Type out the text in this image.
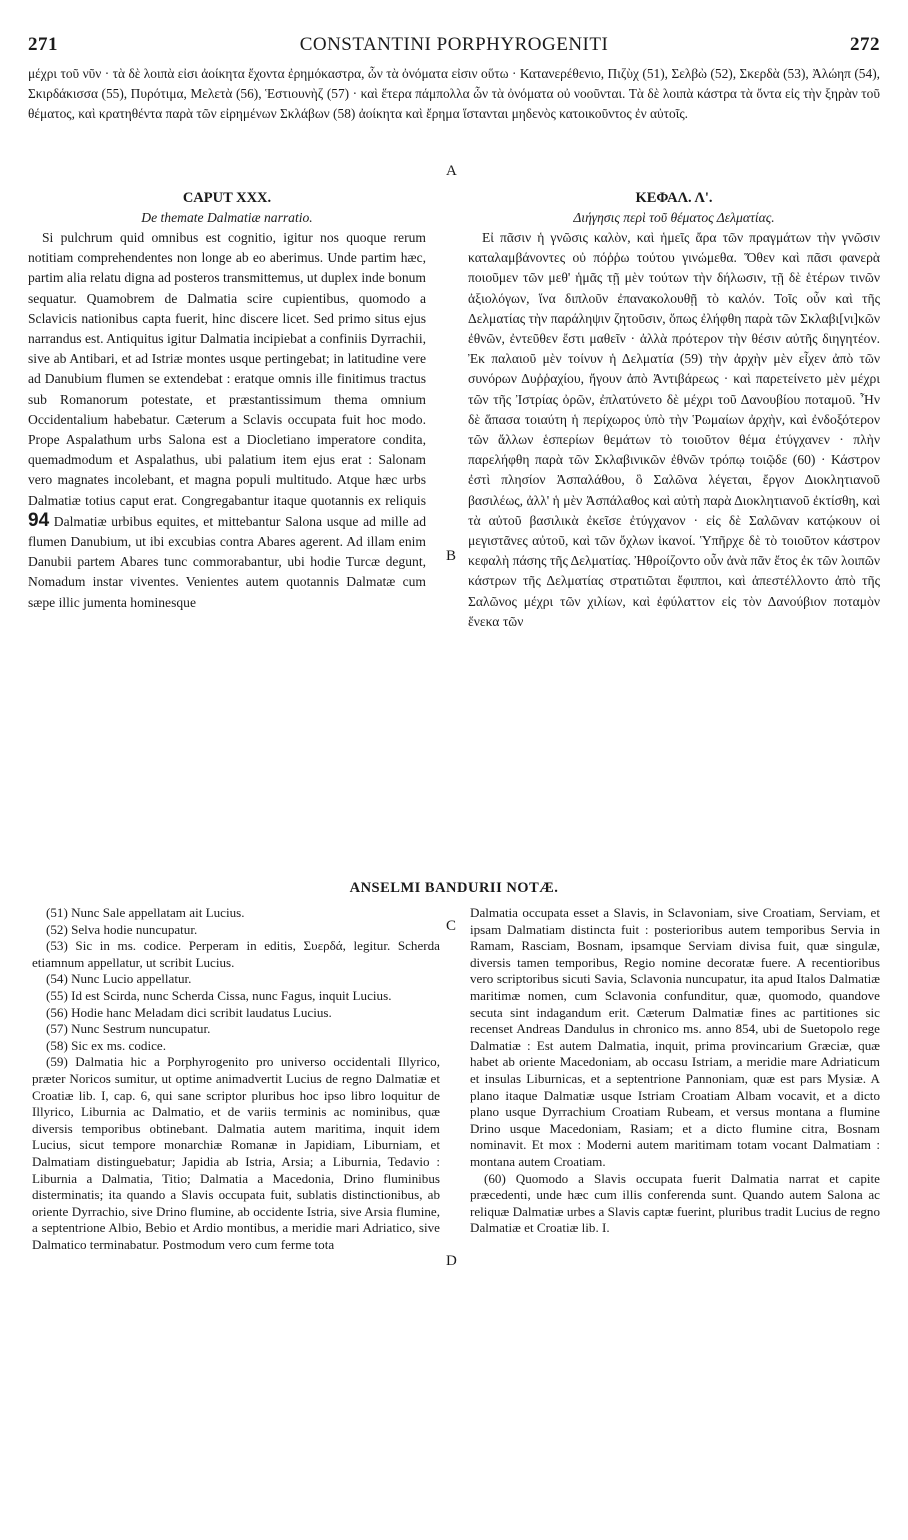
271	CONSTANTINI PORPHYROGENITI	272

μέχρι τοῦ νῦν · τὰ δὲ λοιπὰ εἰσι ἀοίκητα ἔχοντα ἐρημόκαστρα, ὧν τὰ ὀνόματα εἰσιν οὕτω · Κατανερέθενιο, Πιζὺχ (51), Σελβὼ (52), Σκερδὰ (53), Ἀλώηπ (54), Σκιρδάκισσα (55), Πυρότιμα, Μελετὰ (56), Ἑστιουνὴζ (57) · καὶ ἕτερα πάμπολλα ὧν τὰ ὀνόματα οὐ νοοῦνται. Τὰ δὲ λοιπὰ κάστρα τὰ ὄντα εἰς τὴν ξηρὰν τοῦ θέματος, καὶ κρατηθέντα παρὰ τῶν εἰρημένων Σκλάβων (58) ἀοίκητα καὶ ἔρημα ἵστανται μηδενὸς κατοικοῦντος ἐν αὐτοῖς.

A
B
C
D

CAPUT XXX.

De themate Dalmatiæ narratio.

Si pulchrum quid omnibus est cognitio, igitur nos quoque rerum notitiam comprehendentes non longe ab eo aberimus. Unde partim hæc, partim alia relatu digna ad posteros transmittemus, ut duplex inde bonum sequatur. Quamobrem de Dalmatia scire cupientibus, quomodo a Sclavicis nationibus capta fuerit, hinc discere licet. Sed primo situs ejus narrandus est. Antiquitus igitur Dalmatia incipiebat a confiniis Dyrrachii, sive ab Antibari, et ad Istriæ montes usque pertingebat; in latitudine vere ad Danubium flumen se extendebat : eratque omnis ille finitimus tractus sub Romanorum potestate, et præstantissimum thema omnium Occidentalium habebatur. Cæterum a Sclavis occupata fuit hoc modo. Prope Aspalathum urbs Salona est a Diocletiano imperatore condita, quemadmodum et Aspalathus, ubi palatium item ejus erat : Salonam vero magnates incolebant, et magna populi multitudo. Atque hæc urbs Dalmatiæ totius caput erat. Congregabantur itaque quotannis ex reliquis 94 Dalmatiæ urbibus equites, et mittebantur Salona usque ad mille ad flumen Danubium, ut ibi excubias contra Abares agerent. Ad illam enim Danubii partem Abares tunc commorabantur, ubi hodie Turcæ degunt, Nomadum instar viventes. Venientes autem quotannis Dalmatæ cum sæpe illic jumenta hominesque

ΚΕΦΑΛ. Λ'.

Διήγησις περὶ τοῦ θέματος Δελματίας.

Εἰ πᾶσιν ἡ γνῶσις καλὸν, καὶ ἡμεῖς ἄρα τῶν πραγμάτων τὴν γνῶσιν καταλαμβάνοντες οὐ πόῤῥω τούτου γινώμεθα. Ὅθεν καὶ πᾶσι φανερὰ ποιοῦμεν τῶν μεθ' ἡμᾶς τῇ μὲν τούτων τὴν δήλωσιν, τῇ δὲ ἑτέρων τινῶν ἀξιολόγων, ἵνα διπλοῦν ἐπανακολουθῇ τὸ καλόν. Τοῖς οὖν καὶ τῆς Δελματίας τὴν παράληψιν ζητοῦσιν, ὅπως ἐλήφθη παρὰ τῶν Σκλαβι[νι]κῶν ἐθνῶν, ἐντεῦθεν ἔστι μαθεῖν · ἀλλὰ πρότερον τὴν θέσιν αὐτῆς διηγητέον. Ἐκ παλαιοῦ μὲν τοίνυν ἡ Δελματία (59) τὴν ἀρχὴν μὲν εἶχεν ἀπὸ τῶν συνόρων Δυῤῥαχίου, ἤγουν ἀπὸ Ἀντιβάρεως · καὶ παρετείνετο μὲν μέχρι τῶν τῆς Ἰστρίας ὀρῶν, ἐπλατύνετο δὲ μέχρι τοῦ Δανουβίου ποταμοῦ. Ἦν δὲ ἅπασα τοιαύτη ἡ περίχωρος ὑπὸ τὴν Ῥωμαίων ἀρχὴν, καὶ ἐνδοξότερον τῶν ἄλλων ἑσπερίων θεμάτων τὸ τοιοῦτον θέμα ἐτύγχανεν · πλὴν παρελήφθη παρὰ τῶν Σκλαβινικῶν ἐθνῶν τρόπῳ τοιῷδε (60) · Κάστρον ἐστὶ πλησίον Ἀσπαλάθου, ὃ Σαλῶνα λέγεται, ἔργον Διοκλητιανοῦ βασιλέως, ἀλλ' ἡ μὲν Ἀσπάλαθος καὶ αὐτὴ παρὰ Διοκλητιανοῦ ἐκτίσθη, καὶ τὰ αὐτοῦ βασιλικὰ ἐκεῖσε ἐτύγχανον · εἰς δὲ Σαλῶναν κατῴκουν οἱ μεγιστᾶνες αὐτοῦ, καὶ τῶν ὄχλων ἱκανοί. Ὑπῆρχε δὲ τὸ τοιοῦτον κάστρον κεφαλὴ πάσης τῆς Δελματίας. Ἠθροίζοντο οὖν ἀνὰ πᾶν ἔτος ἐκ τῶν λοιπῶν κάστρων τῆς Δελματίας στρατιῶται ἔφιπποι, καὶ ἀπεστέλλοντο ἀπὸ τῆς Σαλῶνος μέχρι τῶν χιλίων, καὶ ἐφύλαττον εἰς τὸν Δανούβιον ποταμὸν ἕνεκα τῶν

ANSELMI BANDURII NOTÆ.

(51) Nunc Sale appellatam ait Lucius.

(52) Selva hodie nuncupatur.

(53) Sic in ms. codice. Perperam in editis, Συερδά, legitur. Scherda etiamnum appellatur, ut scribit Lucius.

(54) Nunc Lucio appellatur.

(55) Id est Scirda, nunc Scherda Cissa, nunc Fagus, inquit Lucius.

(56) Hodie hanc Meladam dici scribit laudatus Lucius.

(57) Nunc Sestrum nuncupatur.

(58) Sic ex ms. codice.

(59) Dalmatia hic a Porphyrogenito pro universo occidentali Illyrico, præter Noricos sumitur, ut optime animadvertit Lucius de regno Dalmatiæ et Croatiæ lib. I, cap. 6, qui sane scriptor pluribus hoc ipso libro loquitur de Illyrico, Liburnia ac Dalmatio, et de variis terminis ac nominibus, quæ diversis temporibus obtinebant. Dalmatia autem maritima, inquit idem Lucius, sicut tempore monarchiæ Romanæ in Japidiam, Liburniam, et Dalmatiam distinguebatur; Japidia ab Istria, Arsia; a Liburnia, Tedavio : Liburnia a Dalmatia, Titio; Dalmatia a Macedonia, Drino fluminibus disterminatis; ita quando a Slavis occupata fuit, sublatis distinctionibus, ab oriente Dyrrachio, sive Drino flumine, ab occidente Istria, sive Arsia flumine, a septentrione Albio, Bebio et Ardio montibus, a meridie mari Adriatico, sive Dalmatico terminabatur. Postmodum vero cum ferme tota

Dalmatia occupata esset a Slavis, in Sclavoniam, sive Croatiam, Serviam, et ipsam Dalmatiam distincta fuit : posterioribus autem temporibus Servia in Ramam, Rasciam, Bosnam, ipsamque Serviam divisa fuit, quæ singulæ, diversis tamen temporibus, Regio nomine decoratæ fuere. A recentioribus vero scriptoribus sicuti Savia, Sclavonia nuncupatur, ita apud Italos Dalmatiæ maritimæ nomen, cum Sclavonia confunditur, quæ, quomodo, quandove secuta sint indagandum erit. Cæterum Dalmatiæ fines ac partitiones sic recenset Andreas Dandulus in chronico ms. anno 854, ubi de Suetopolo rege Dalmatiæ : Est autem Dalmatia, inquit, prima provincarium Græciæ, quæ habet ab oriente Macedoniam, ab occasu Istriam, a meridie mare Adriaticum et insulas Liburnicas, et a septentrione Pannoniam, quæ est pars Mysiæ. A plano itaque Dalmatiæ usque Istriam Croatiam Albam vocavit, et a dicto plano usque Dyrrachium Croatiam Rubeam, et versus montana a flumine Drino usque Macedoniam, Rasiam; et a dicto flumine citra, Bosnam nominavit. Et mox : Moderni autem maritimam totam vocant Dalmatiam : montana autem Croatiam.

(60) Quomodo a Slavis occupata fuerit Dalmatia narrat et capite præcedenti, unde hæc cum illis conferenda sunt. Quando autem Salona ac reliquæ Dalmatiæ urbes a Slavis captæ fuerint, pluribus tradit Lucius de regno Dalmatiæ et Croatiæ lib. I.
